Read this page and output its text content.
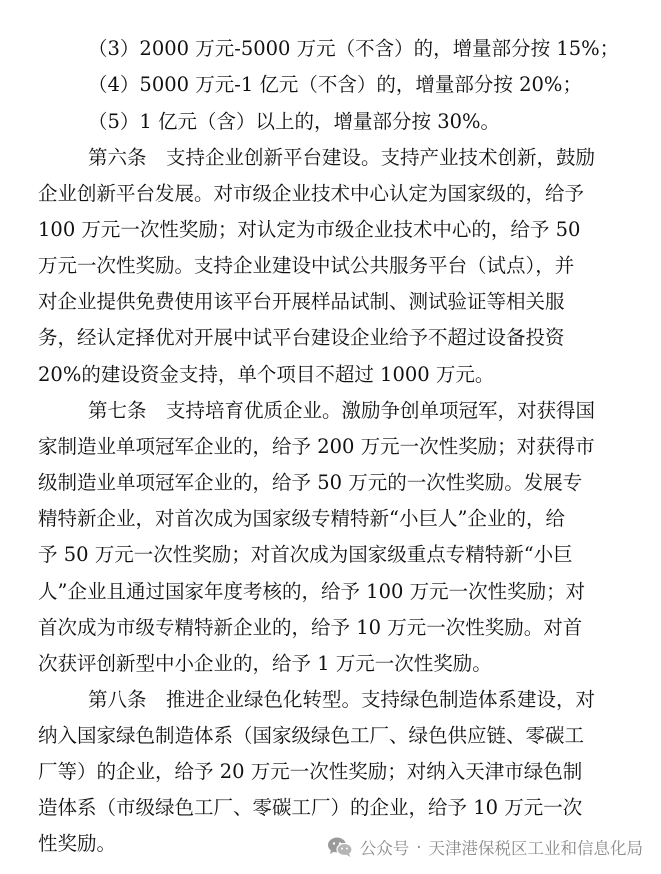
（3）2000 万元-5000 万元（不含）的，增量部分按 15%；
（4）5000 万元-1 亿元（不含）的，增量部分按 20%；
（5）1 亿元（含）以上的，增量部分按 30%。
第六条　支持企业创新平台建设。支持产业技术创新，鼓励
企业创新平台发展。对市级企业技术中心认定为国家级的，给予
100 万元一次性奖励；对认定为市级企业技术中心的，给予 50
万元一次性奖励。支持企业建设中试公共服务平台（试点），并
对企业提供免费使用该平台开展样品试制、测试验证等相关服
务，经认定择优对开展中试平台建设企业给予不超过设备投资
20%的建设资金支持，单个项目不超过 1000 万元。
第七条　支持培育优质企业。激励争创单项冠军，对获得国
家制造业单项冠军企业的，给予 200 万元一次性奖励；对获得市
级制造业单项冠军企业的，给予 50 万元的一次性奖励。发展专
精特新企业，对首次成为国家级专精特新“小巨人”企业的，给
予 50 万元一次性奖励；对首次成为国家级重点专精特新“小巨
人”企业且通过国家年度考核的，给予 100 万元一次性奖励；对
首次成为市级专精特新企业的，给予 10 万元一次性奖励。对首
次获评创新型中小企业的，给予 1 万元一次性奖励。
第八条　推进企业绿色化转型。支持绿色制造体系建设，对
纳入国家绿色制造体系（国家级绿色工厂、绿色供应链、零碳工
厂等）的企业，给予 20 万元一次性奖励；对纳入天津市绿色制
造体系（市级绿色工厂、零碳工厂）的企业，给予 10 万元一次
性奖励。	公众号 · 天津港保税区工业和信息化局
